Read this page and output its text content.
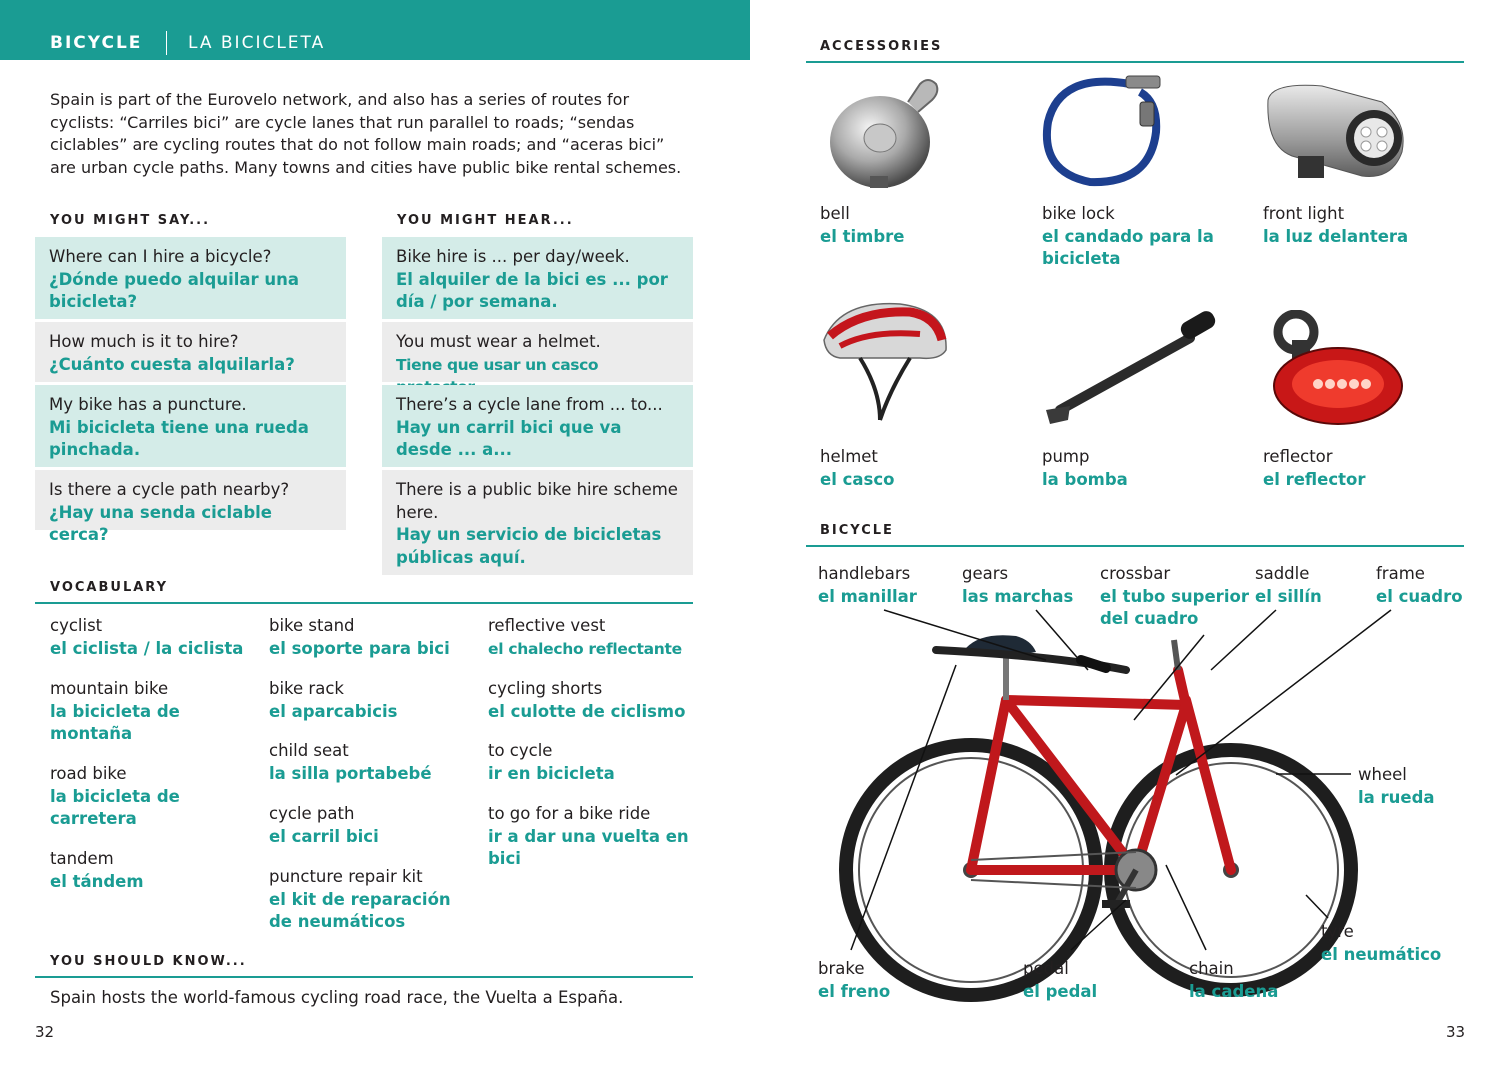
BICYCLE	LA BICICLETA
Spain is part of the Eurovelo network, and also has a series of routes for cyclists: “Carriles bici” are cycle lanes that run parallel to roads; “sendas ciclables” are cycling routes that do not follow main roads; and “aceras bici” are urban cycle paths. Many towns and cities have public bike rental schemes.
YOU MIGHT SAY...	YOU MIGHT HEAR...
Where can I hire a bicycle?
¿Dónde puedo alquilar una bicicleta?
How much is it to hire?
¿Cuánto cuesta alquilarla?
My bike has a puncture.
Mi bicicleta tiene una rueda pinchada.
Is there a cycle path nearby?
¿Hay una senda ciclable cerca?
Bike hire is ... per day/week.
El alquiler de la bici es ... por día / por semana.
You must wear a helmet.
Tiene que usar un casco
There’s a cycle lane from ... to...
Hay un carril bici que va desde ... a...
There is a public bike hire scheme here.
Hay un servicio de bicicletas públicas aquí.
VOCABULARY
cyclist
el ciclista / la ciclista
mountain bike
la bicicleta de montaña
road bike
la bicicleta de carretera
tandem
el tándem
bike stand
el soporte para bici
bike rack
el aparcabicis
child seat
la silla portabebé
cycle path
el carril bici
puncture repair kit
el kit de reparación de neumáticos
reflective vest
el chalecho reflectante
cycling shorts
el culotte de ciclismo
to cycle
ir en bicicleta
to go for a bike ride
ir a dar una vuelta en bici
YOU SHOULD KNOW...
Spain hosts the world-famous cycling road race, the Vuelta a España.
32
ACCESSORIES
bell
el timbre
bike lock
el candado para la bicicleta
front light
la luz delantera
helmet
el casco
pump
la bomba
reflector
el reflector
BICYCLE
handlebars
el manillar
gears
las marchas
crossbar
el tubo superior del cuadro
saddle
el sillín
frame
el cuadro
wheel
la rueda
tyre
el neumático
brake
el freno
pedal
el pedal
chain
la cadena
33
